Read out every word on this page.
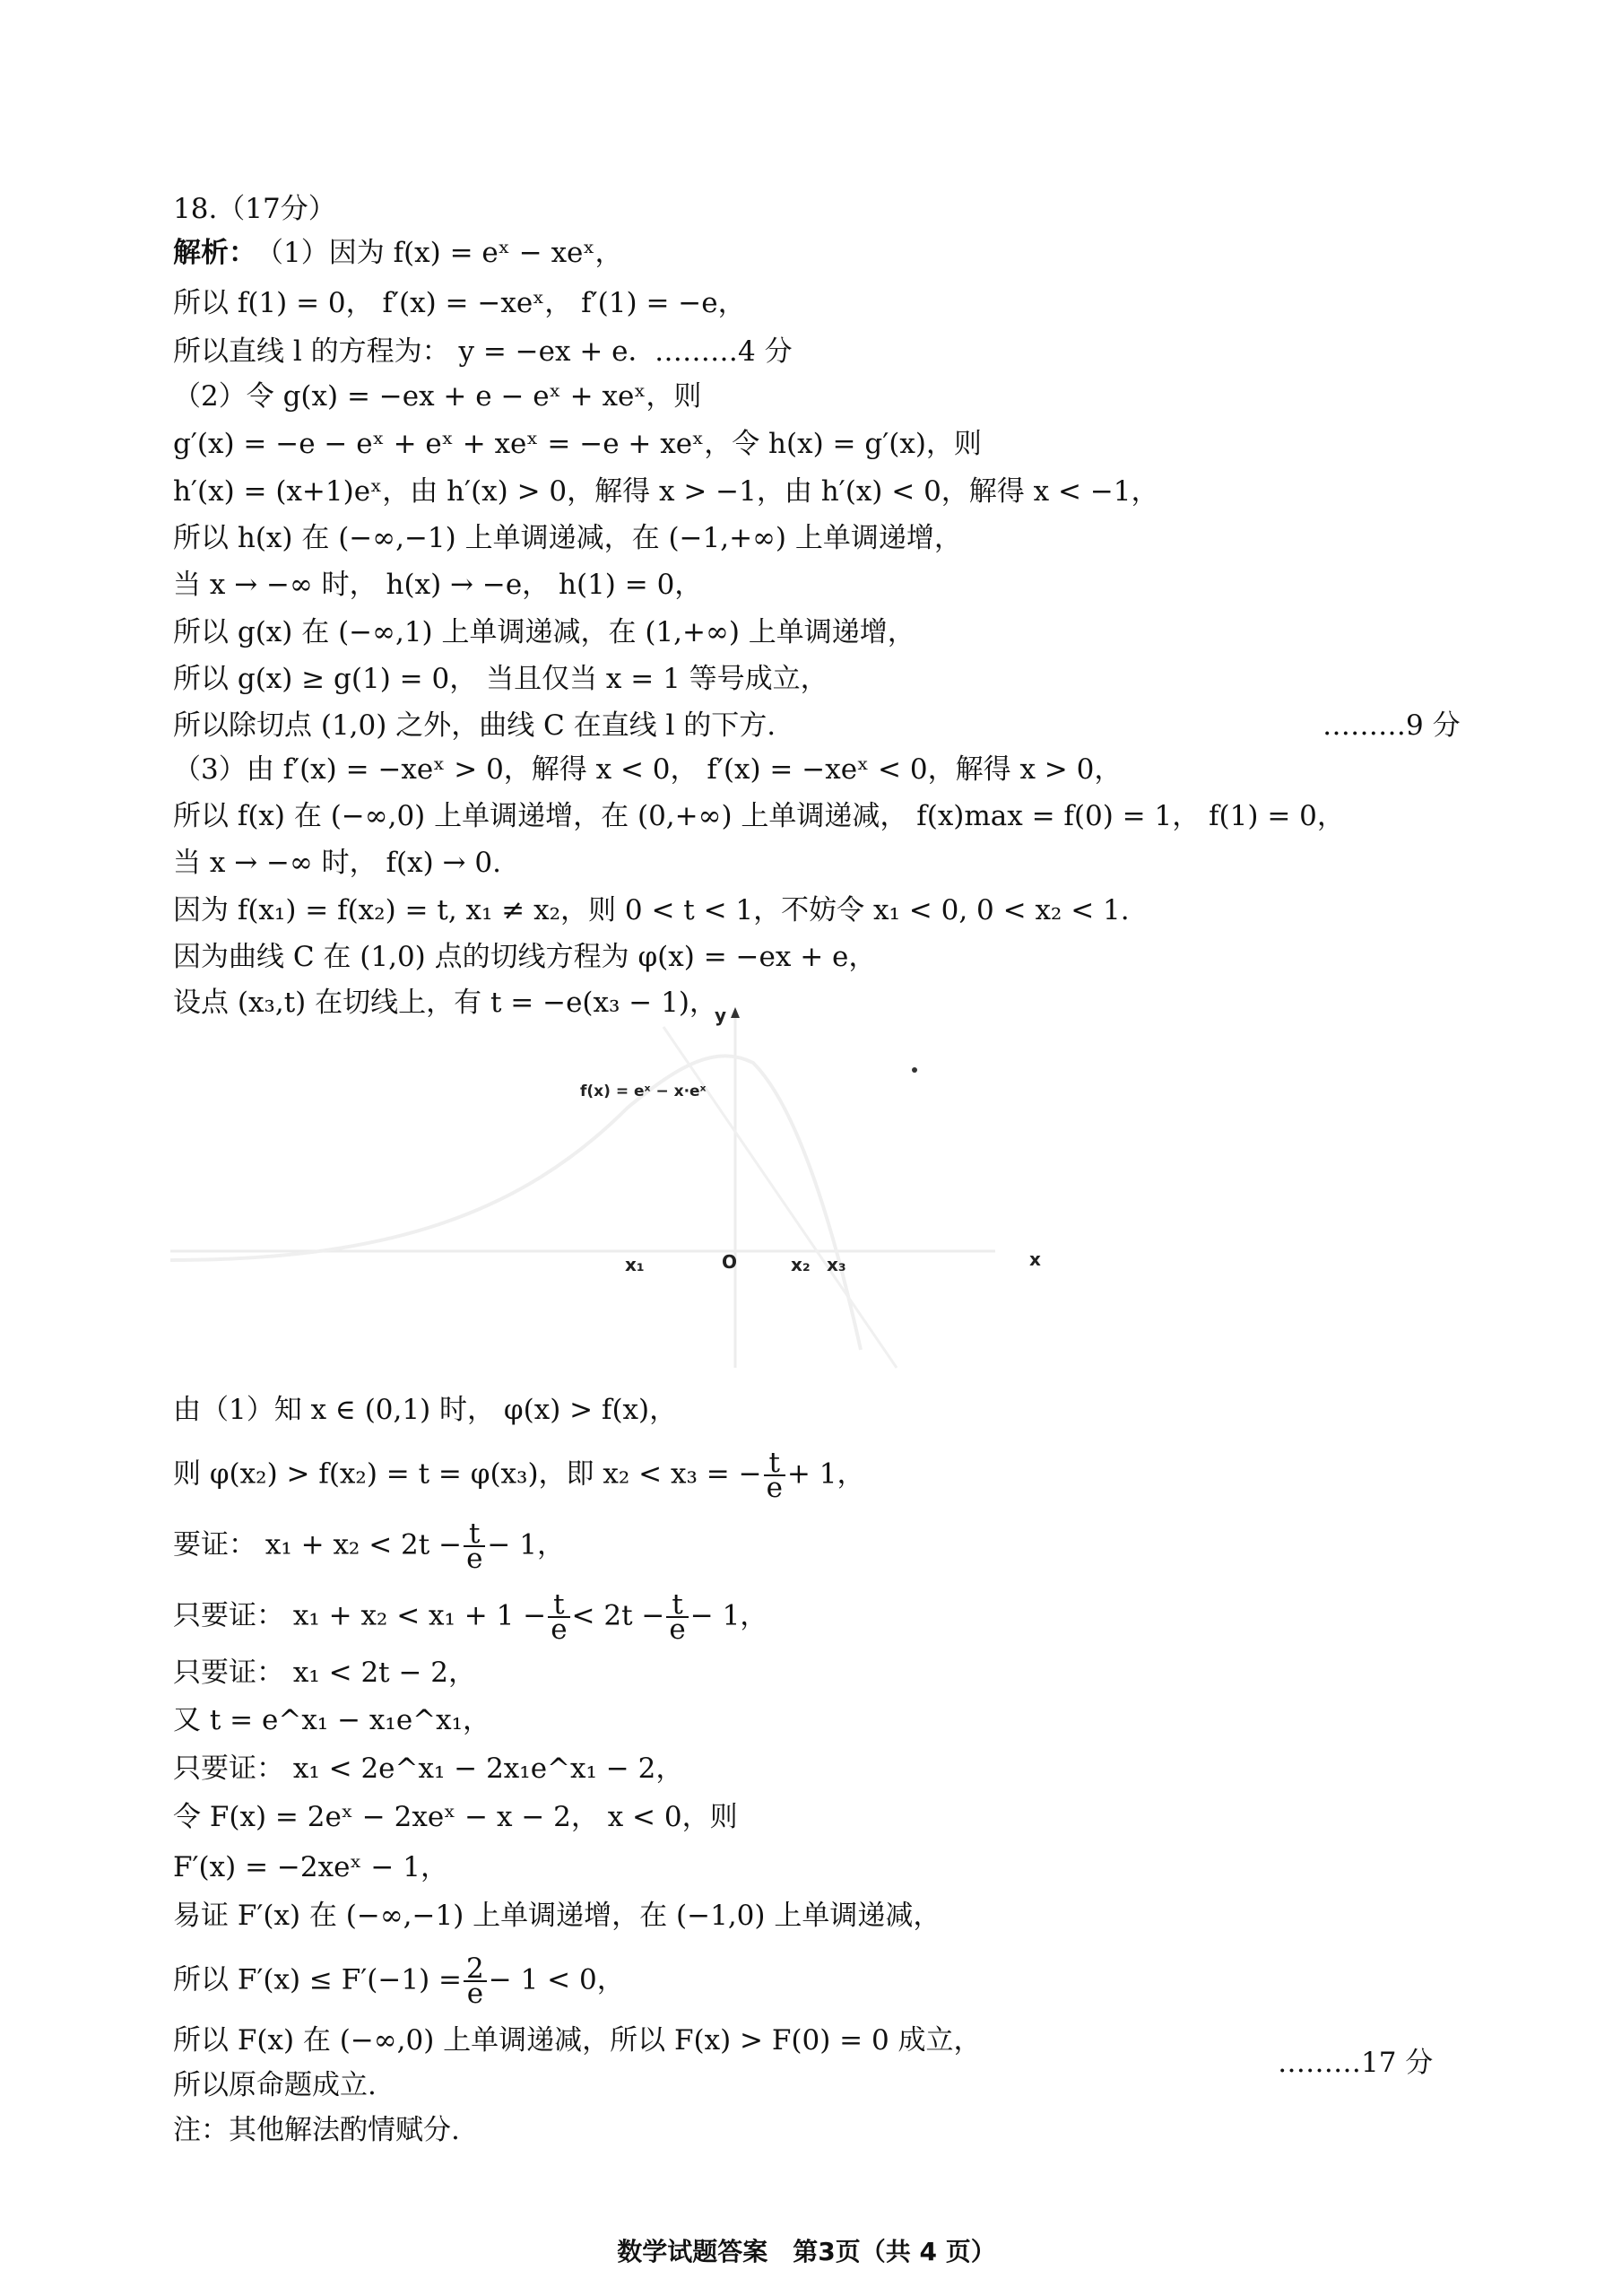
18.（17分）
解析： （1）因为 f(x) = eˣ − xeˣ，
所以 f(1) = 0， f′(x) = −xeˣ， f′(1) = −e，
所以直线 l 的方程为： y = −ex + e．
………4 分
（2）令 g(x) = −ex + e − eˣ + xeˣ，则
g′(x) = −e − eˣ + eˣ + xeˣ = −e + xeˣ，令 h(x) = g′(x)，则
h′(x) = (x+1)eˣ，由 h′(x) > 0，解得 x > −1，由 h′(x) < 0，解得 x < −1，
所以 h(x) 在 (−∞,−1) 上单调递减，在 (−1,+∞) 上单调递增，
当 x → −∞ 时， h(x) → −e， h(1) = 0，
所以 g(x) 在 (−∞,1) 上单调递减，在 (1,+∞) 上单调递增，
所以 g(x) ≥ g(1) = 0， 当且仅当 x = 1 等号成立，
所以除切点 (1,0) 之外，曲线 C 在直线 l 的下方.	………9 分
（3）由 f′(x) = −xeˣ > 0，解得 x < 0， f′(x) = −xeˣ < 0，解得 x > 0，
所以 f(x) 在 (−∞,0) 上单调递增，在 (0,+∞) 上单调递减， f(x)max = f(0) = 1， f(1) = 0，
当 x → −∞ 时， f(x) → 0.
因为 f(x₁) = f(x₂) = t, x₁ ≠ x₂，则 0 < t < 1，不妨令 x₁ < 0, 0 < x₂ < 1.
因为曲线 C 在 (1,0) 点的切线方程为 φ(x) = −ex + e，
设点 (x₃,t) 在切线上，有 t = −e(x₃ − 1)，
y
f(x) = eˣ − x·eˣ
x₁	O	x₂ x₃	x
由（1）知 x ∈ (0,1) 时， φ(x) > f(x)，
则 φ(x₂) > f(x₂) = t = φ(x₃)，即 x₂ < x₃ = − $\frac{t}{e} + 1$，
要证： $x_1 + x_2 < 2t - \frac{t}{e} - 1$，
只要证： $x_1 + x_2 < x_1 + 1 - \frac{t}{e} < 2t - \frac{t}{e} - 1$，
只要证： x₁ < 2t − 2，
又 t = e^x₁ − x₁e^x₁，
只要证： x₁ < 2e^x₁ − 2x₁e^x₁ − 2，
令 F(x) = 2eˣ − 2xeˣ − x − 2， x < 0，则
F′(x) = −2xeˣ − 1，
易证 F′(x) 在 (−∞,−1) 上单调递增，在 (−1,0) 上单调递减，
所以 $F'(x) \le F'(-1) = \frac{2}{e} - 1 < 0$，
所以 F(x) 在 (−∞,0) 上单调递减，所以 F(x) > F(0) = 0 成立，
所以原命题成立.
………17 分
注：其他解法酌情赋分.
数学试题答案　第3页（共 4 页）
